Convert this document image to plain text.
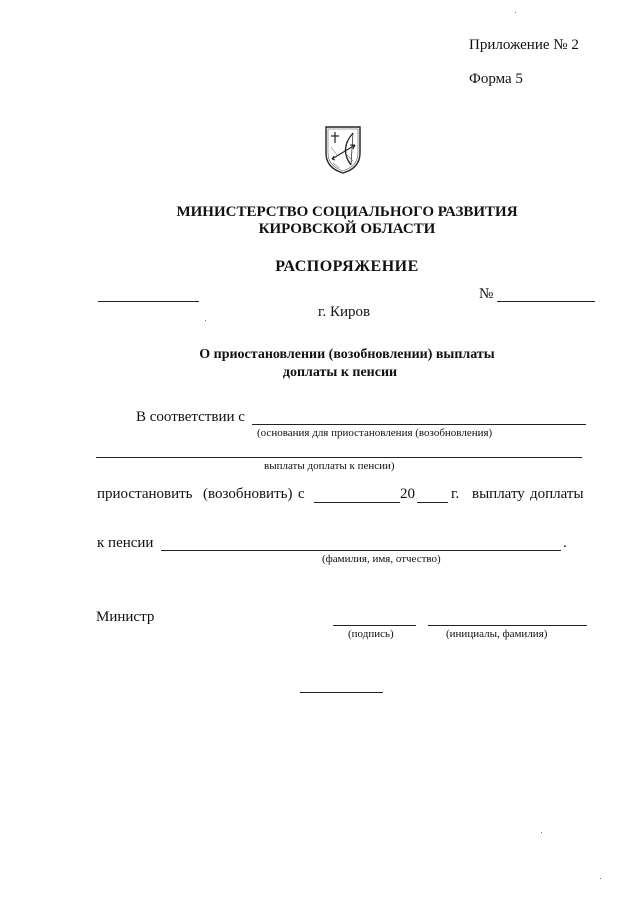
Приложение № 2
Форма 5
МИНИСТЕРСТВО СОЦИАЛЬНОГО РАЗВИТИЯ
КИРОВСКОЙ ОБЛАСТИ
РАСПОРЯЖЕНИЕ
№
г. Киров
О приостановлении (возобновлении) выплаты
доплаты к пенсии
В соответствии с
(основания для приостановления (возобновления)
выплаты доплаты к пенсии)
приостановить (возобновить) с	20 г. выплату доплаты
к пенсии	.
(фамилия, имя, отчество)
Министр
(подпись)	(инициалы, фамилия)
